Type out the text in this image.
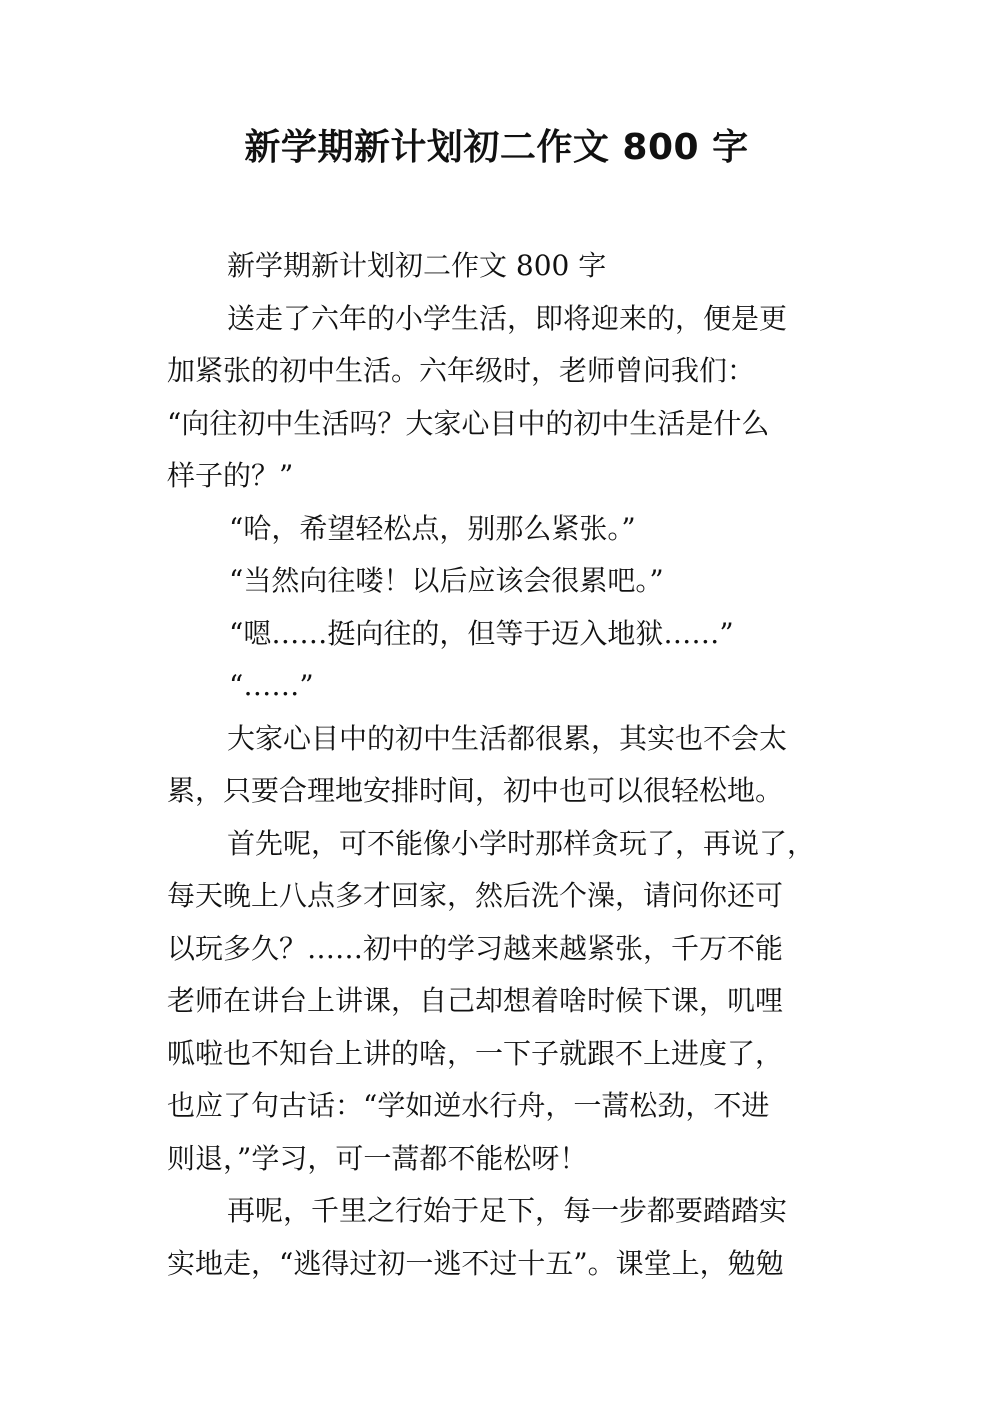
新学期新计划初二作文 800 字
新学期新计划初二作文 800 字
送走了六年的小学生活，即将迎来的，便是更
加紧张的初中生活。六年级时，老师曾问我们：
“向往初中生活吗？大家心目中的初中生活是什么
样子的？”
“哈，希望轻松点，别那么紧张。”
“当然向往喽！以后应该会很累吧。”
“嗯……挺向往的，但等于迈入地狱……”
“……”
大家心目中的初中生活都很累，其实也不会太
累，只要合理地安排时间，初中也可以很轻松地。
首先呢，可不能像小学时那样贪玩了，再说了，
每天晚上八点多才回家，然后洗个澡，请问你还可
以玩多久？……初中的学习越来越紧张，千万不能
老师在讲台上讲课，自己却想着啥时候下课，叽哩
呱啦也不知台上讲的啥，一下子就跟不上进度了，
也应了句古话：“学如逆水行舟，一蒿松劲，不进
则退，”学习，可一蒿都不能松呀！
再呢，千里之行始于足下，每一步都要踏踏实
实地走，“逃得过初一逃不过十五”。课堂上，勉勉
